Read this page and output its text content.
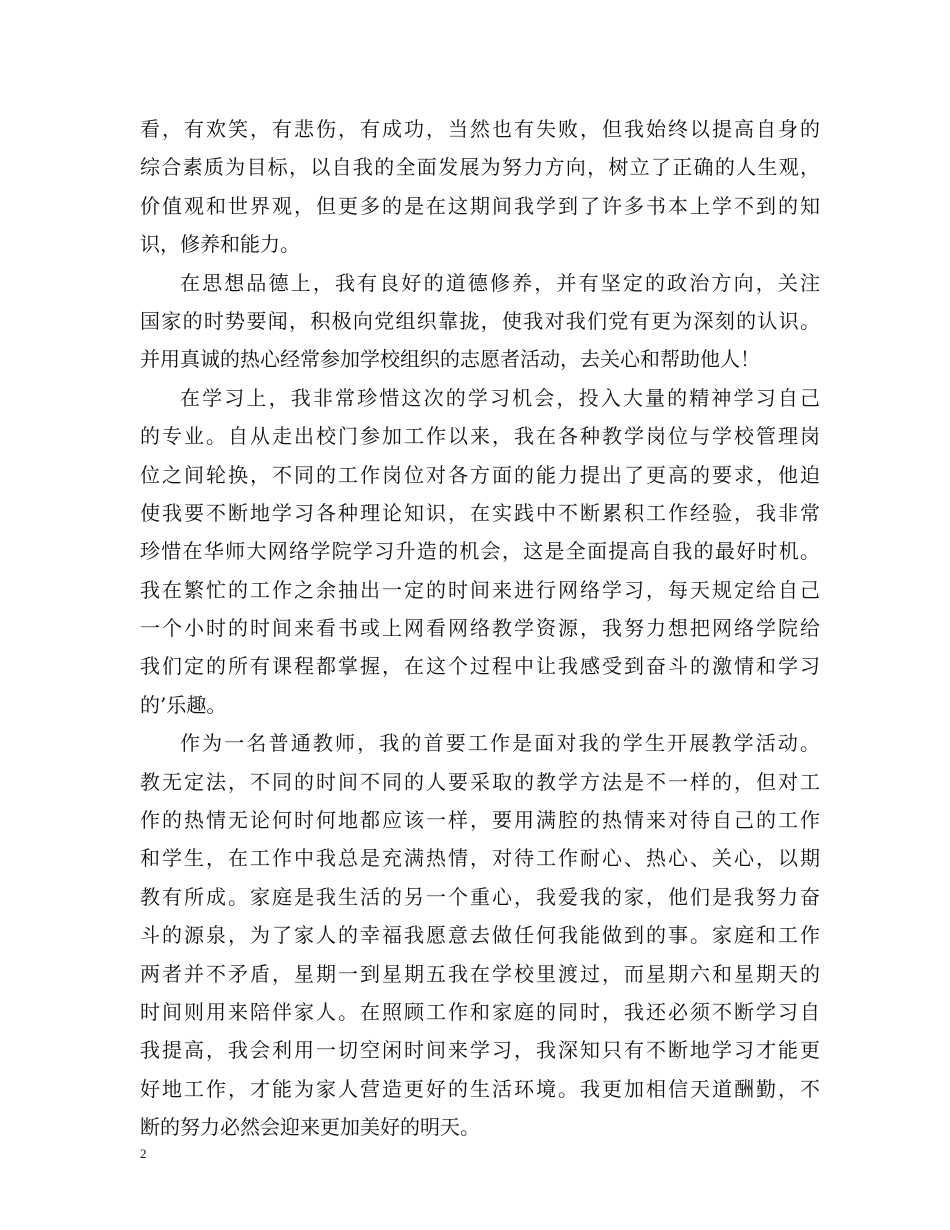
看，有欢笑，有悲伤，有成功，当然也有失败，但我始终以提高自身的
综合素质为目标，以自我的全面发展为努力方向，树立了正确的人生观，
价值观和世界观，但更多的是在这期间我学到了许多书本上学不到的知
识，修养和能力。
在思想品德上，我有良好的道德修养，并有坚定的政治方向，关注
国家的时势要闻，积极向党组织靠拢，使我对我们党有更为深刻的认识。
并用真诚的热心经常参加学校组织的志愿者活动，去关心和帮助他人！
在学习上，我非常珍惜这次的学习机会，投入大量的精神学习自己
的专业。自从走出校门参加工作以来，我在各种教学岗位与学校管理岗
位之间轮换，不同的工作岗位对各方面的能力提出了更高的要求，他迫
使我要不断地学习各种理论知识，在实践中不断累积工作经验，我非常
珍惜在华师大网络学院学习升造的机会，这是全面提高自我的最好时机。
我在繁忙的工作之余抽出一定的时间来进行网络学习，每天规定给自己
一个小时的时间来看书或上网看网络教学资源，我努力想把网络学院给
我们定的所有课程都掌握，在这个过程中让我感受到奋斗的激情和学习
的’乐趣。
作为一名普通教师，我的首要工作是面对我的学生开展教学活动。
教无定法，不同的时间不同的人要采取的教学方法是不一样的，但对工
作的热情无论何时何地都应该一样，要用满腔的热情来对待自己的工作
和学生，在工作中我总是充满热情，对待工作耐心、热心、关心，以期
教有所成。家庭是我生活的另一个重心，我爱我的家，他们是我努力奋
斗的源泉，为了家人的幸福我愿意去做任何我能做到的事。家庭和工作
两者并不矛盾，星期一到星期五我在学校里渡过，而星期六和星期天的
时间则用来陪伴家人。在照顾工作和家庭的同时，我还必须不断学习自
我提高，我会利用一切空闲时间来学习，我深知只有不断地学习才能更
好地工作，才能为家人营造更好的生活环境。我更加相信天道酬勤，不
断的努力必然会迎来更加美好的明天。
2
